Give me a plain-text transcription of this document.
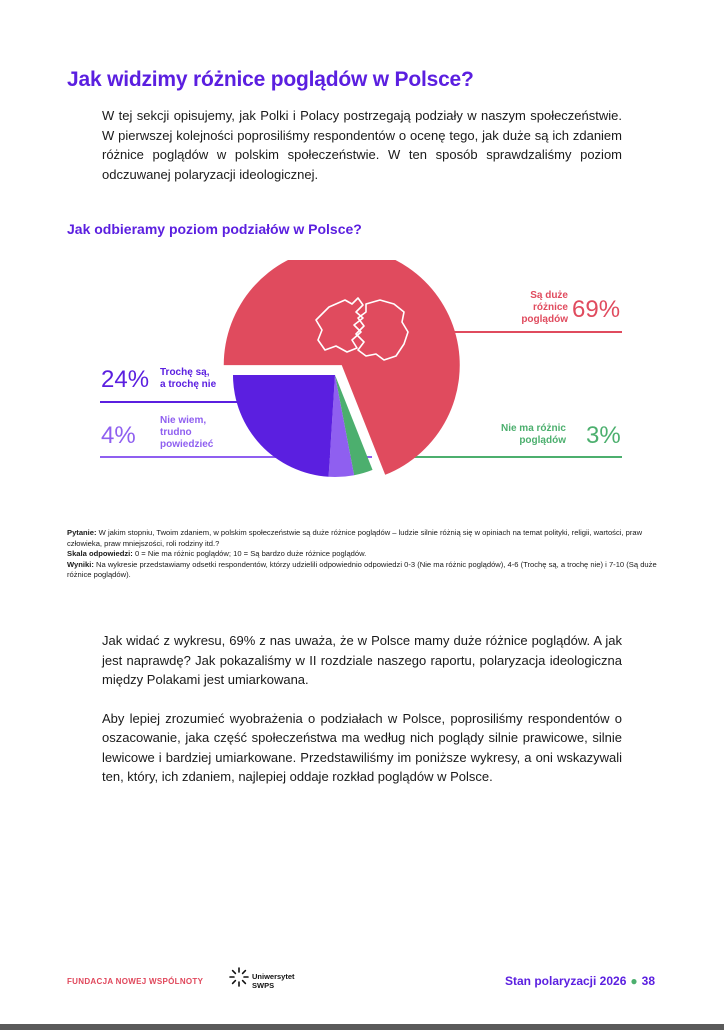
Jak widzimy różnice poglądów w Polsce?
W tej sekcji opisujemy, jak Polki i Polacy postrzegają podziały w naszym społeczeństwie. W pierwszej kolejności poprosiliśmy respondentów o ocenę tego, jak duże są ich zdaniem różnice poglądów w polskim społeczeństwie. W ten sposób sprawdzaliśmy poziom odczuwanej polaryzacji ideologicznej.
Jak odbieramy poziom podziałów w Polsce?
Są duże
różnice
poglądów 69%
24% Trochę są,
a trochę nie
4%
Nie wiem,
trudno
powiedzieć
Nie ma różnic
poglądów 3%
Pytanie: W jakim stopniu, Twoim zdaniem, w polskim społeczeństwie są duże różnice poglądów – ludzie silnie różnią się w opiniach na temat polityki, religii, wartości, praw człowieka, praw mniejszości, roli rodziny itd.?
Skala odpowiedzi: 0 = Nie ma różnic poglądów; 10 = Są bardzo duże różnice poglądów.
Wyniki: Na wykresie przedstawiamy odsetki respondentów, którzy udzielili odpowiednio odpowiedzi 0-3 (Nie ma różnic poglądów), 4-6 (Trochę są, a trochę nie) i 7-10 (Są duże różnice poglądów).

Jak widać z wykresu, 69% z nas uważa, że w Polsce mamy duże różnice poglądów. A jak jest naprawdę? Jak pokazaliśmy w II rozdziale naszego raportu, polaryzacja ideologiczna między Polakami jest umiarkowana.

Aby lepiej zrozumieć wyobrażenia o podziałach w Polsce, poprosiliśmy respondentów o oszacowanie, jaka część społeczeństwa ma według nich poglądy silnie prawicowe, silnie lewicowe i bardziej umiarkowane. Przedstawiliśmy im poniższe wykresy, a oni wskazywali ten, który, ich zdaniem, najlepiej oddaje rozkład poglądów w Polsce.

FUNDACJA NOWEJ WSPÓLNOTY
Uniwersytet
SWPS	Stan polaryzacji 2026 ● 38
